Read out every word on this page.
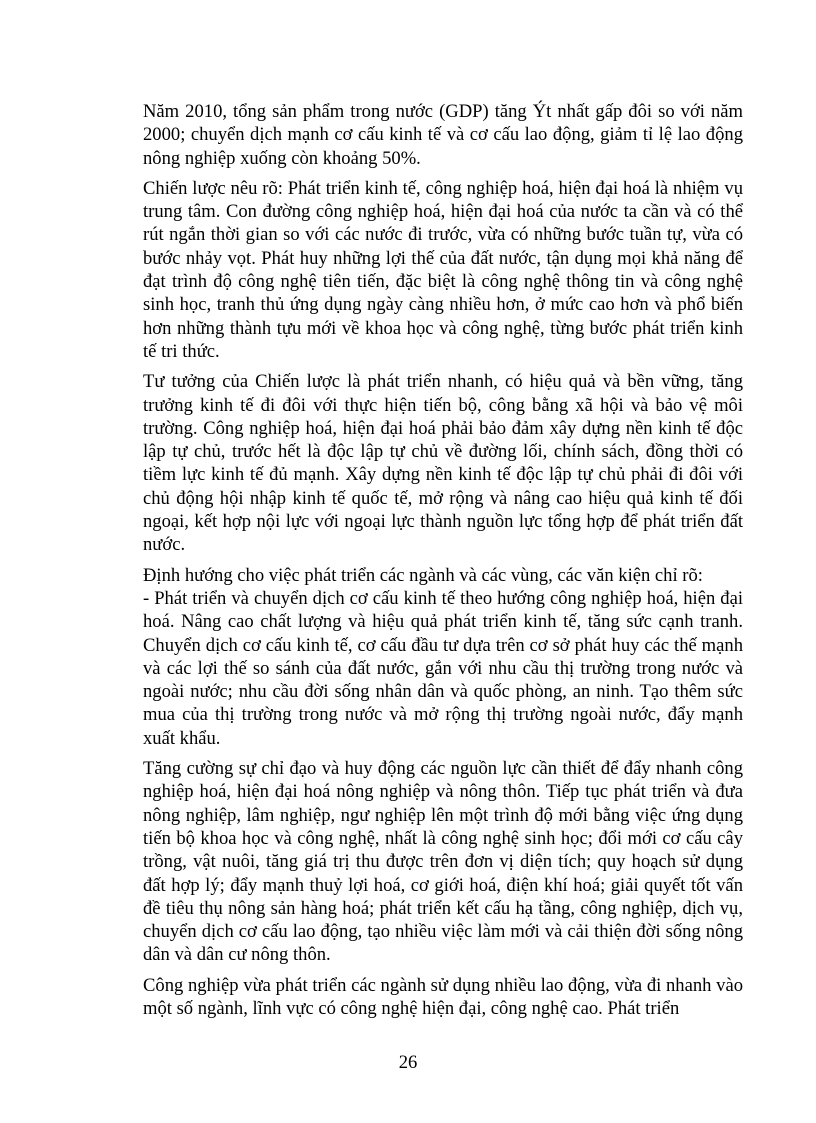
Năm 2010, tổng sản phẩm trong nước (GDP) tăng Ýt nhất gấp đôi so với năm 2000; chuyển dịch mạnh cơ cấu kinh tế và cơ cấu lao động, giảm tỉ lệ lao động nông nghiệp xuống còn khoảng 50%.

Chiến lược nêu rõ: Phát triển kinh tế, công nghiệp hoá, hiện đại hoá là nhiệm vụ trung tâm. Con đường công nghiệp hoá, hiện đại hoá của nước ta cần và có thể rút ngắn thời gian so với các nước đi trước, vừa có những bước tuần tự, vừa có bước nhảy vọt. Phát huy những lợi thế của đất nước, tận dụng mọi khả năng để đạt trình độ công nghệ tiên tiến, đặc biệt là công nghệ thông tin và công nghệ sinh học, tranh thủ ứng dụng ngày càng nhiều hơn, ở mức cao hơn và phổ biến hơn những thành tựu mới về khoa học và công nghệ, từng bước phát triển kinh tế tri thức.

Tư tưởng của Chiến lược là phát triển nhanh, có hiệu quả và bền vững, tăng trưởng kinh tế đi đôi với thực hiện tiến bộ, công bằng xã hội và bảo vệ môi trường. Công nghiệp hoá, hiện đại hoá phải bảo đảm xây dựng nền kinh tế độc lập tự chủ, trước hết là độc lập tự chủ về đường lối, chính sách, đồng thời có tiềm lực kinh tế đủ mạnh. Xây dựng nền kinh tế độc lập tự chủ phải đi đôi với chủ động hội nhập kinh tế quốc tế, mở rộng và nâng cao hiệu quả kinh tế đối ngoại, kết hợp nội lực với ngoại lực thành nguồn lực tổng hợp để phát triển đất nước.

Định hướng cho việc phát triển các ngành và các vùng, các văn kiện chỉ rõ:

- Phát triển và chuyển dịch cơ cấu kinh tế theo hướng công nghiệp hoá, hiện đại hoá. Nâng cao chất lượng và hiệu quả phát triển kinh tế, tăng sức cạnh tranh. Chuyển dịch cơ cấu kinh tế, cơ cấu đầu tư dựa trên cơ sở phát huy các thế mạnh và các lợi thế so sánh của đất nước, gắn với nhu cầu thị trường trong nước và ngoài nước; nhu cầu đời sống nhân dân và quốc phòng, an ninh. Tạo thêm sức mua của thị trường trong nước và mở rộng thị trường ngoài nước, đẩy mạnh xuất khẩu.

Tăng cường sự chỉ đạo và huy động các nguồn lực cần thiết để đẩy nhanh công nghiệp hoá, hiện đại hoá nông nghiệp và nông thôn. Tiếp tục phát triển và đưa nông nghiệp, lâm nghiệp, ngư nghiệp lên một trình độ mới bằng việc ứng dụng tiến bộ khoa học và công nghệ, nhất là công nghệ sinh học; đổi mới cơ cấu cây trồng, vật nuôi, tăng giá trị thu được trên đơn vị diện tích; quy hoạch sử dụng đất hợp lý; đẩy mạnh thuỷ lợi hoá, cơ giới hoá, điện khí hoá; giải quyết tốt vấn đề tiêu thụ nông sản hàng hoá; phát triển kết cấu hạ tầng, công nghiệp, dịch vụ, chuyển dịch cơ cấu lao động, tạo nhiều việc làm mới và cải thiện đời sống nông dân và dân cư nông thôn.

Công nghiệp vừa phát triển các ngành sử dụng nhiều lao động, vừa đi nhanh vào một số ngành, lĩnh vực có công nghệ hiện đại, công nghệ cao. Phát triển

26
